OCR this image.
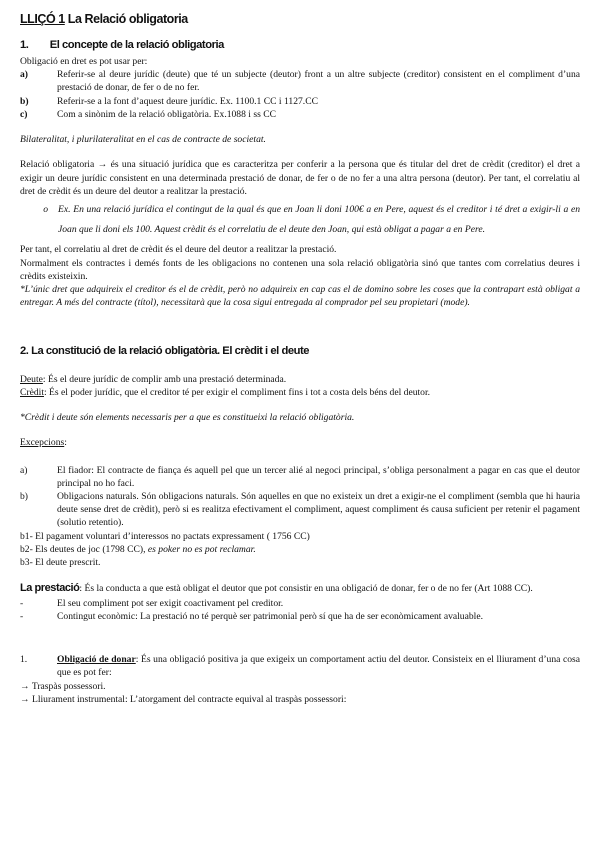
LLIÇÓ 1 La Relació obligatoria
1.        El concepte de la relació obligatoria

Obligació en dret es pot usar per:

a)	Referir-se al deure jurídic (deute) que té un subjecte (deutor) front a un altre subjecte (creditor) consistent en el compliment d’una prestació de donar, de fer o de no fer.
b)	Referir-se a la font d’aquest deure jurídic. Ex. 1100.1 CC i 1127.CC
c)	Com a sinònim de la relació obligatòria. Ex.1088 i ss CC

Bilateralitat, i plurilateralitat en el cas de contracte de societat.

Relació obligatoria → és una situació jurídica que es caracteritza per conferir a la persona que és titular del dret de crèdit (creditor) el dret a exigir un deure jurídic consistent en una determinada prestació de donar, de fer o de no fer a una altra persona (deutor). Per tant, el correlatiu al dret de crèdit és un deure del deutor a realitzar la prestació.

o	Ex. En una relació jurídica el contingut de la qual és que en Joan li doni 100€ a en Pere, aquest és el creditor i té dret a exigir-li a en Joan que li doni els 100. Aquest crèdit és el correlatiu de el deute den Joan, qui està obligat a pagar a en Pere.

Per tant, el correlatiu al dret de crèdit és el deure del deutor a realitzar la prestació.

Normalment els contractes i demés fonts de les obligacions no contenen una sola relació obligatòria sinó que tantes com correlatius deures i crèdits existeixin.

*L’únic dret que adquireix el creditor és el de crèdit, però no adquireix en cap cas el de domino sobre les coses que la contrapart està obligat a entregar. A més del contracte (títol), necessitarà que la cosa sigui entregada al comprador pel seu propietari (mode).

2. La constitució de la relació obligatòria. El crèdit i el deute

Deute: És el deure jurídic de complir amb una prestació determinada.

Crèdit: És el poder jurídic, que el creditor té per exigir el compliment fins i tot a costa dels béns del deutor.

*Crèdit i deute són elements necessaris per a que es constitueixi la relació obligatòria.

Excepcions:

a)	El fiador: El contracte de fiança és aquell pel que un tercer alié al negoci principal, s’obliga personalment a pagar en cas que el deutor principal no ho faci.
b)	Obligacions naturals. Són obligacions naturals. Són aquelles en que no existeix un dret a exigir-ne el compliment (sembla que hi hauria deute sense dret de crèdit), però si es realitza efectivament el compliment, aquest compliment és causa suficient per retenir el pagament (solutio retentio).

b1- El pagament voluntari d’interessos no pactats expressament ( 1756 CC)

b2- Els deutes de joc (1798 CC), es poker no es pot reclamar.

b3- El deute prescrit.

La prestació: És la conducta a que està obligat el deutor que pot consistir en una obligació de donar, fer o de no fer (Art 1088 CC).

-	El seu compliment pot ser exigit coactivament pel creditor.
-	Contingut econòmic: La prestació no té perquè ser patrimonial però sí que ha de ser econòmicament avaluable.
1.	Obligació de donar: És una obligació positiva ja que exigeix un comportament actiu del deutor. Consisteix en el lliurament d’una cosa que es pot fer:

→ Traspàs possessori.

→ Lliurament instrumental: L’atorgament del contracte equival al traspàs possessori:
